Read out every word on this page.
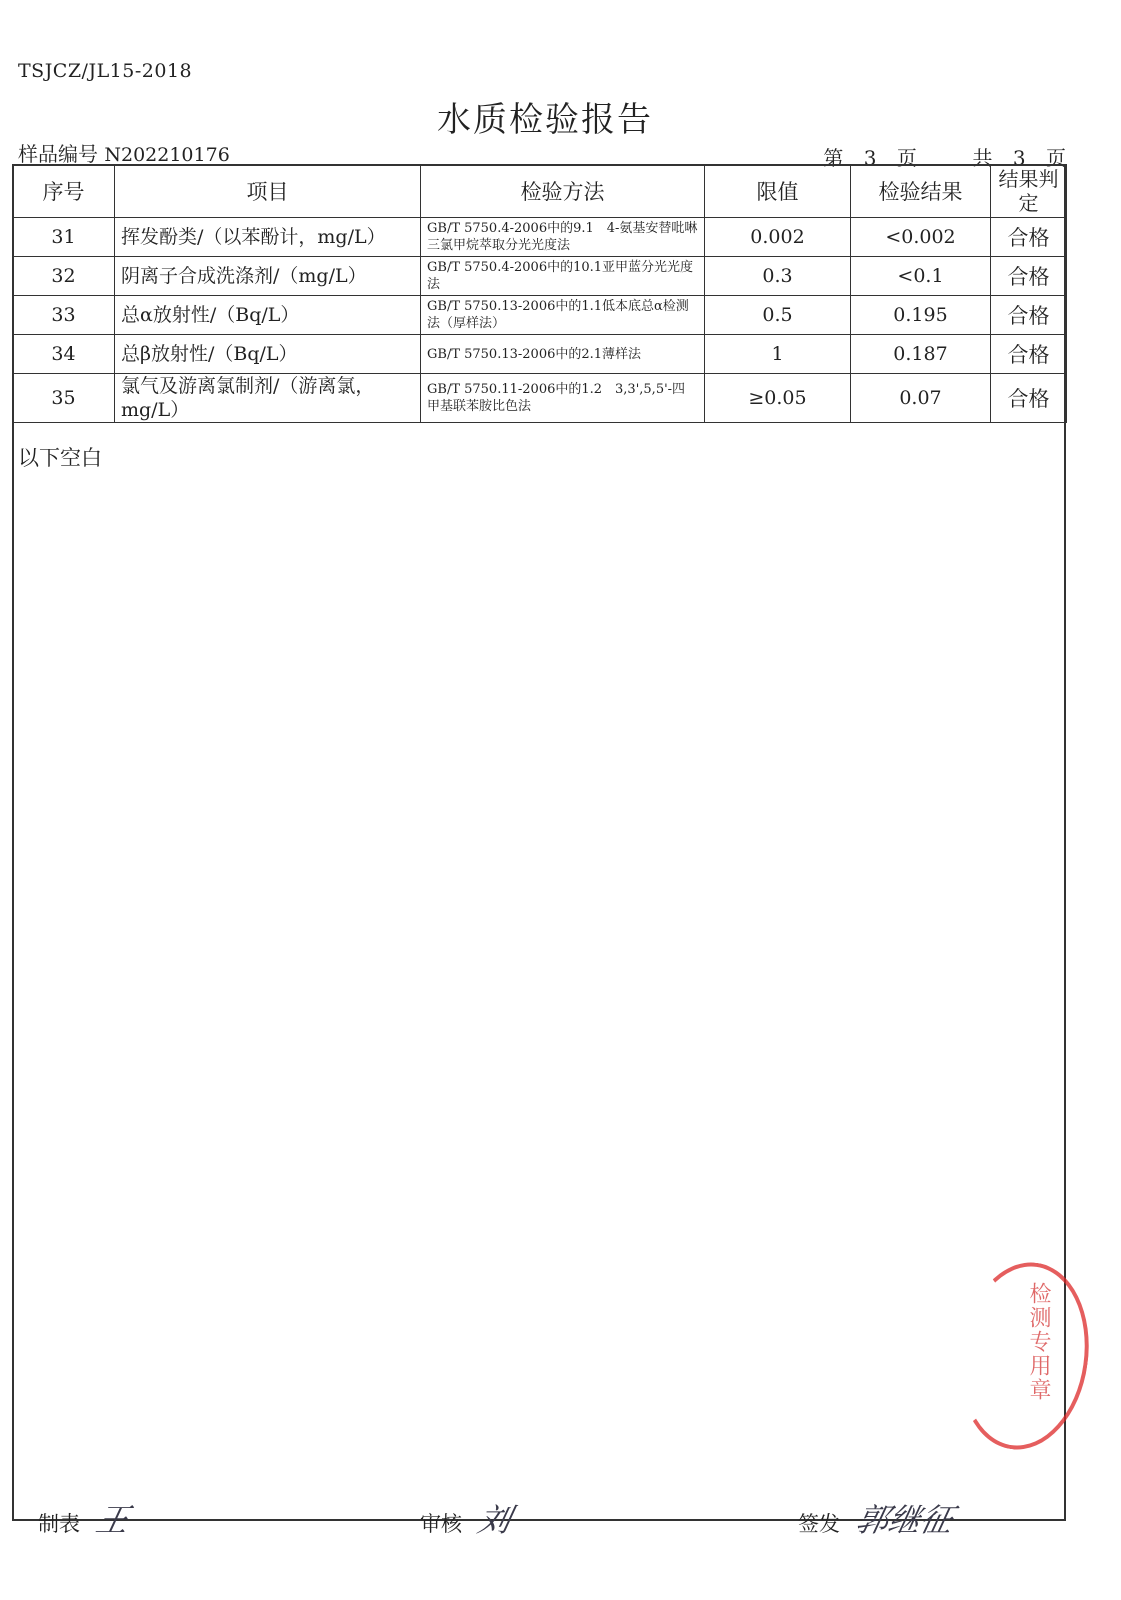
TSJCZ/JL15-2018
水质检验报告
样品编号 N202210176	第 3 页	共 3 页
序号	项目	检验方法	限值	检验结果	结果判定
31	挥发酚类/（以苯酚计，mg/L）	GB/T 5750.4-2006中的9.1　4-氨基安替吡啉三氯甲烷萃取分光光度法	0.002	<0.002	合格
32	阴离子合成洗涤剂/（mg/L）	GB/T 5750.4-2006中的10.1亚甲蓝分光光度法	0.3	<0.1	合格
33	总α放射性/（Bq/L）	GB/T 5750.13-2006中的1.1低本底总α检测法（厚样法）	0.5	0.195	合格
34	总β放射性/（Bq/L）	GB/T 5750.13-2006中的2.1薄样法	1	0.187	合格
35	氯气及游离氯制剂/（游离氯，mg/L）	GB/T 5750.11-2006中的1.2　3,3',5,5'-四甲基联苯胺比色法	≥0.05	0.07	合格
以下空白
检测专用章
制表 王	审核 刘	签发 郭继征
